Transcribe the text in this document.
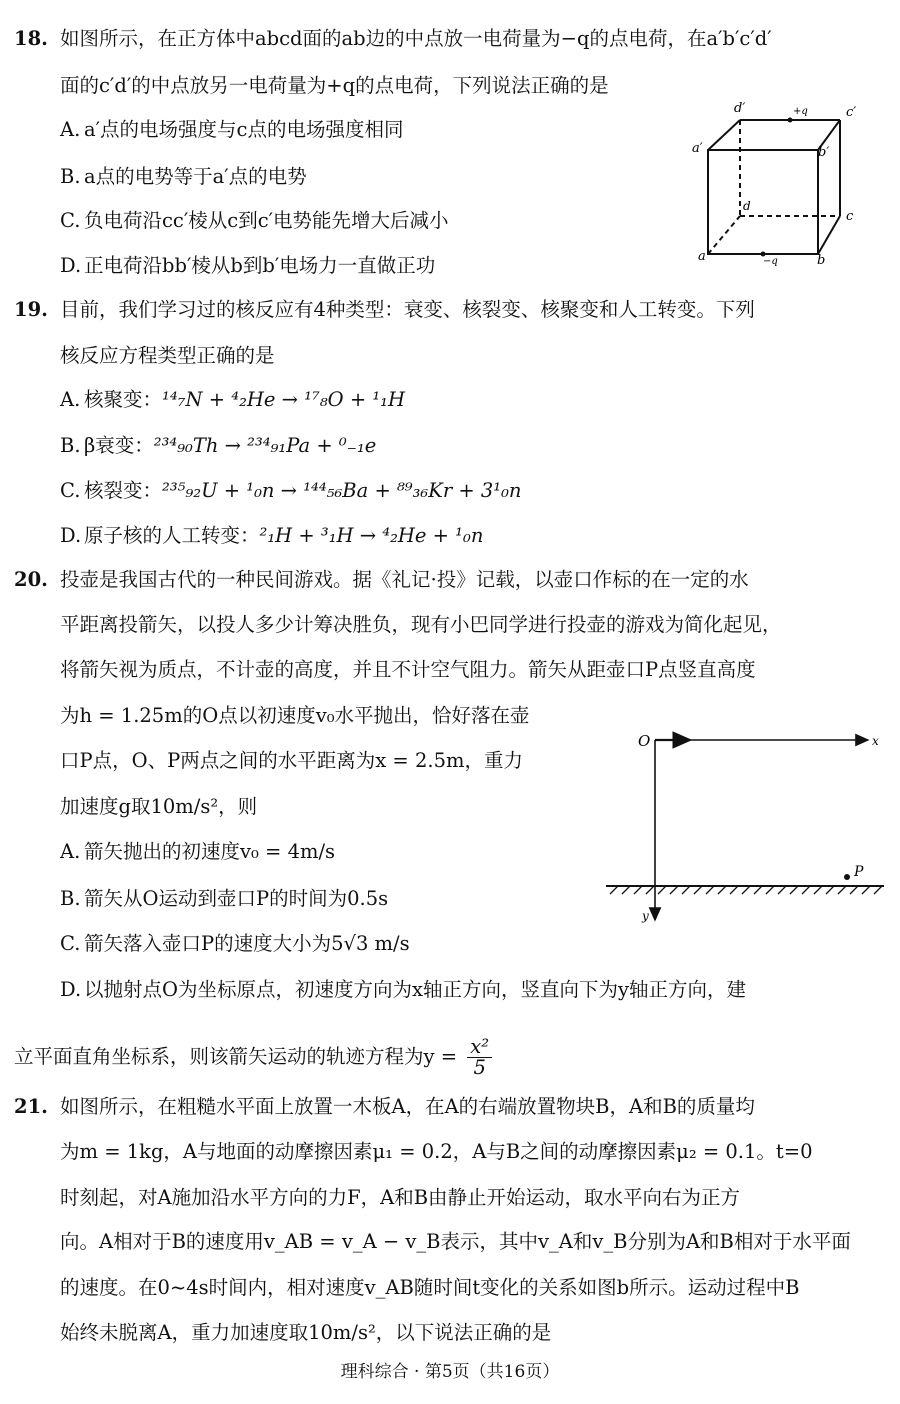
18. 如图所示，在正方体中abcd面的ab边的中点放一电荷量为−q的点电荷，在a′b′c′d′
面的c′d′的中点放另一电荷量为+q的点电荷，下列说法正确的是
A. a′点的电场强度与c点的电场强度相同
B. a点的电势等于a′点的电势
C. 负电荷沿cc′棱从c到c′电势能先增大后减小
D. 正电荷沿bb′棱从b到b′电场力一直做正功
d′	+q	c′
a′	b′
d
c
a	−q	b
19. 目前，我们学习过的核反应有4种类型：衰变、核裂变、核聚变和人工转变。下列
核反应方程类型正确的是
A. 核聚变：¹⁴₇N + ⁴₂He → ¹⁷₈O + ¹₁H
B. β衰变：²³⁴₉₀Th → ²³⁴₉₁Pa + ⁰₋₁e
C. 核裂变：²³⁵₉₂U + ¹₀n → ¹⁴⁴₅₆Ba + ⁸⁹₃₆Kr + 3¹₀n
D. 原子核的人工转变：²₁H + ³₁H → ⁴₂He + ¹₀n
20. 投壶是我国古代的一种民间游戏。据《礼记·投》记载，以壶口作标的在一定的水
平距离投箭矢，以投人多少计筹决胜负，现有小巴同学进行投壶的游戏为简化起见，
将箭矢视为质点，不计壶的高度，并且不计空气阻力。箭矢从距壶口P点竖直高度
为h = 1.25m的O点以初速度v₀水平抛出，恰好落在壶
口P点，O、P两点之间的水平距离为x = 2.5m，重力
加速度g取10m/s²，则
A. 箭矢抛出的初速度v₀ = 4m/s
B. 箭矢从O运动到壶口P的时间为0.5s
C. 箭矢落入壶口P的速度大小为5√3 m/s
D. 以抛射点O为坐标原点，初速度方向为x轴正方向，竖直向下为y轴正方向，建
立平面直角坐标系，则该箭矢运动的轨迹方程为$y = \frac{\text{x²}}{5}$
P
O	x
y
21. 如图所示，在粗糙水平面上放置一木板A，在A的右端放置物块B，A和B的质量均
为m = 1kg，A与地面的动摩擦因素μ₁ = 0.2，A与B之间的动摩擦因素μ₂ = 0.1。t=0
时刻起，对A施加沿水平方向的力F，A和B由静止开始运动，取水平向右为正方
向。A相对于B的速度用v_AB = v_A − v_B表示，其中v_A和v_B分别为A和B相对于水平面
的速度。在0~4s时间内，相对速度v_AB随时间t变化的关系如图b所示。运动过程中B
始终未脱离A，重力加速度取10m/s²，以下说法正确的是
理科综合 · 第5页（共16页）
